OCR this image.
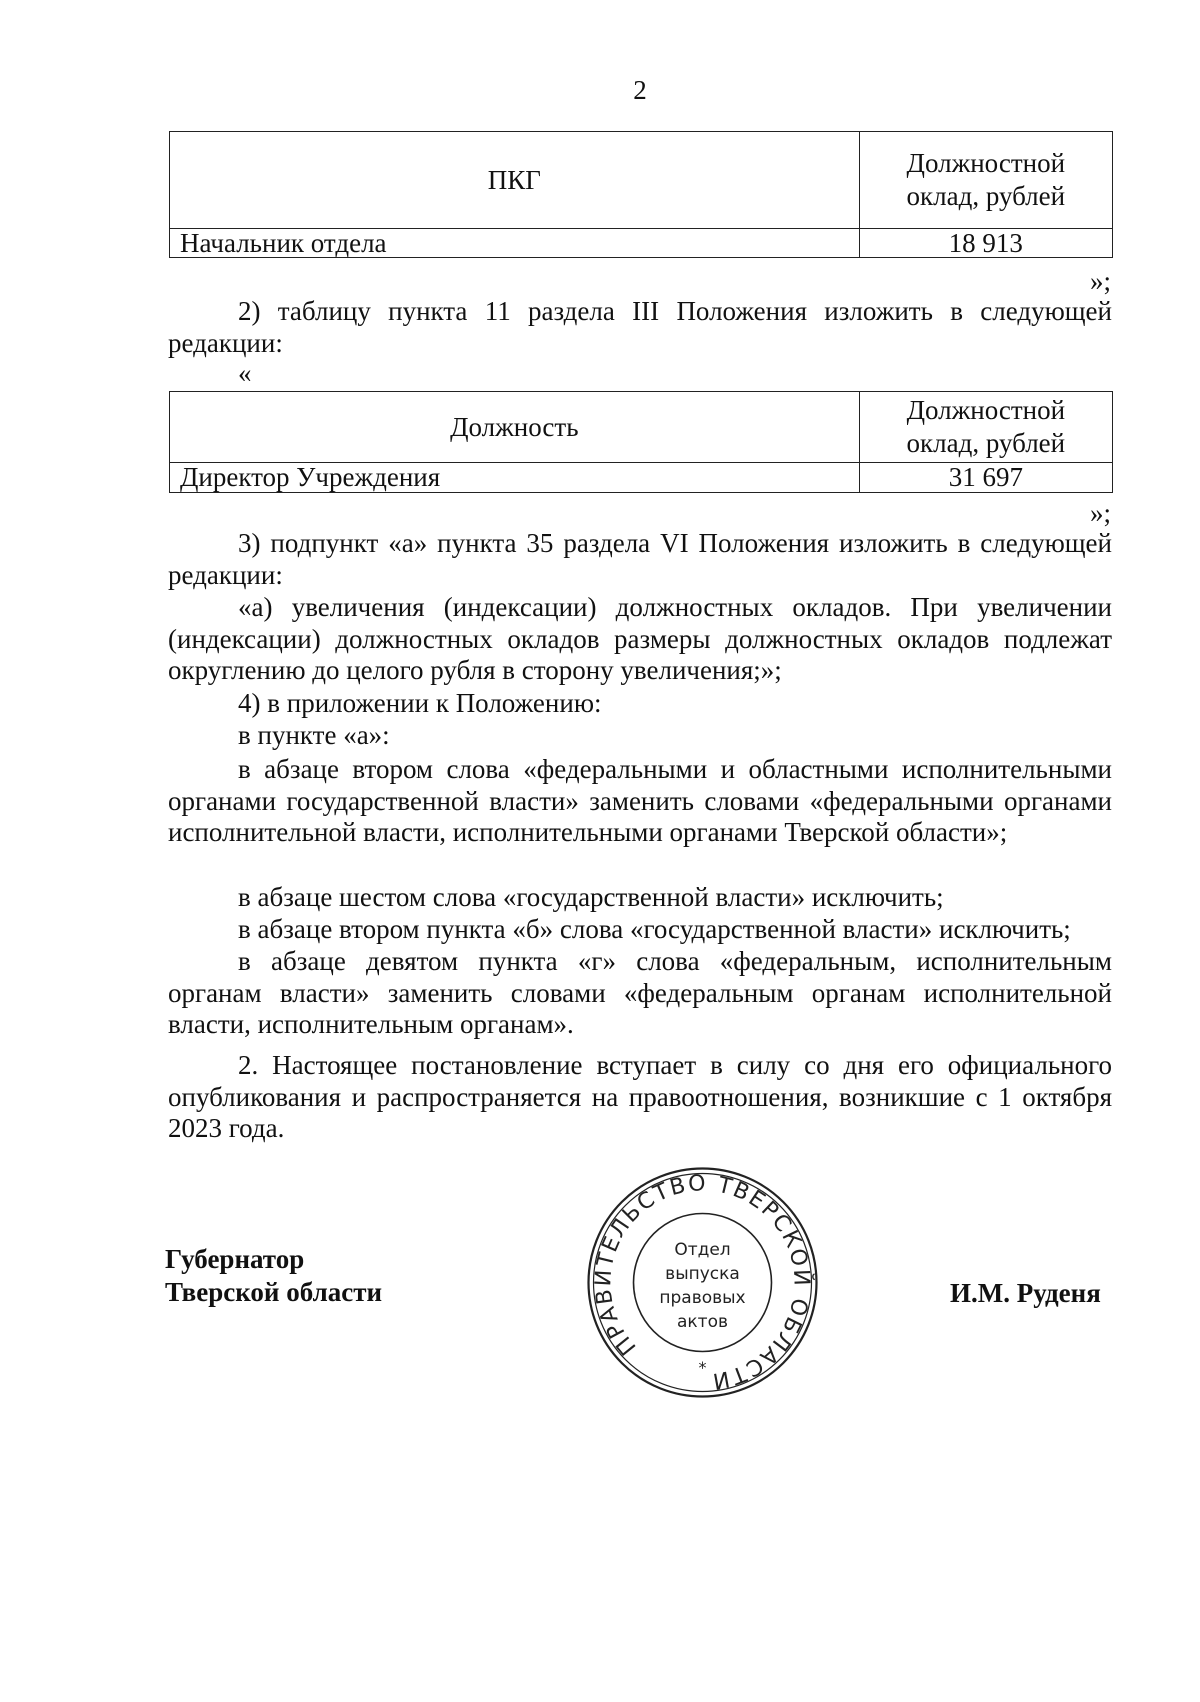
2
ПКГ	Должностной
оклад, рублей
Начальник отдела	18 913
»;
2) таблицу пункта 11 раздела III Положения изложить в следующей
редакции:
«
Должность	Должностной
оклад, рублей
Директор Учреждения	31 697
»;
3) подпункт «а» пункта 35 раздела VI Положения изложить в следующей редакции:
«а) увеличения (индексации) должностных окладов. При увеличении (индексации) должностных окладов размеры должностных окладов подлежат округлению до целого рубля в сторону увеличения;»;
4) в приложении к Положению:
в пункте «а»:
в абзаце втором слова «федеральными и областными исполнительными органами государственной власти» заменить словами «федеральными органами исполнительной власти, исполнительными органами Тверской области»;
в абзаце шестом слова «государственной власти» исключить;
в абзаце втором пункта «б» слова «государственной власти» исключить;
в абзаце девятом пункта «г» слова «федеральным, исполнительным органам власти» заменить словами «федеральным органам исполнительной власти, исполнительным органам».
2. Настоящее постановление вступает в силу со дня его официального опубликования и распространяется на правоотношения, возникшие с 1 октября 2023 года.
Губернатор
Тверской области	И.М. Руденя
ПРАВИТЕЛЬСТВО ТВЕРСКОЙ ОБЛАСТИ
*
Отдел
выпуска
правовых
актов
